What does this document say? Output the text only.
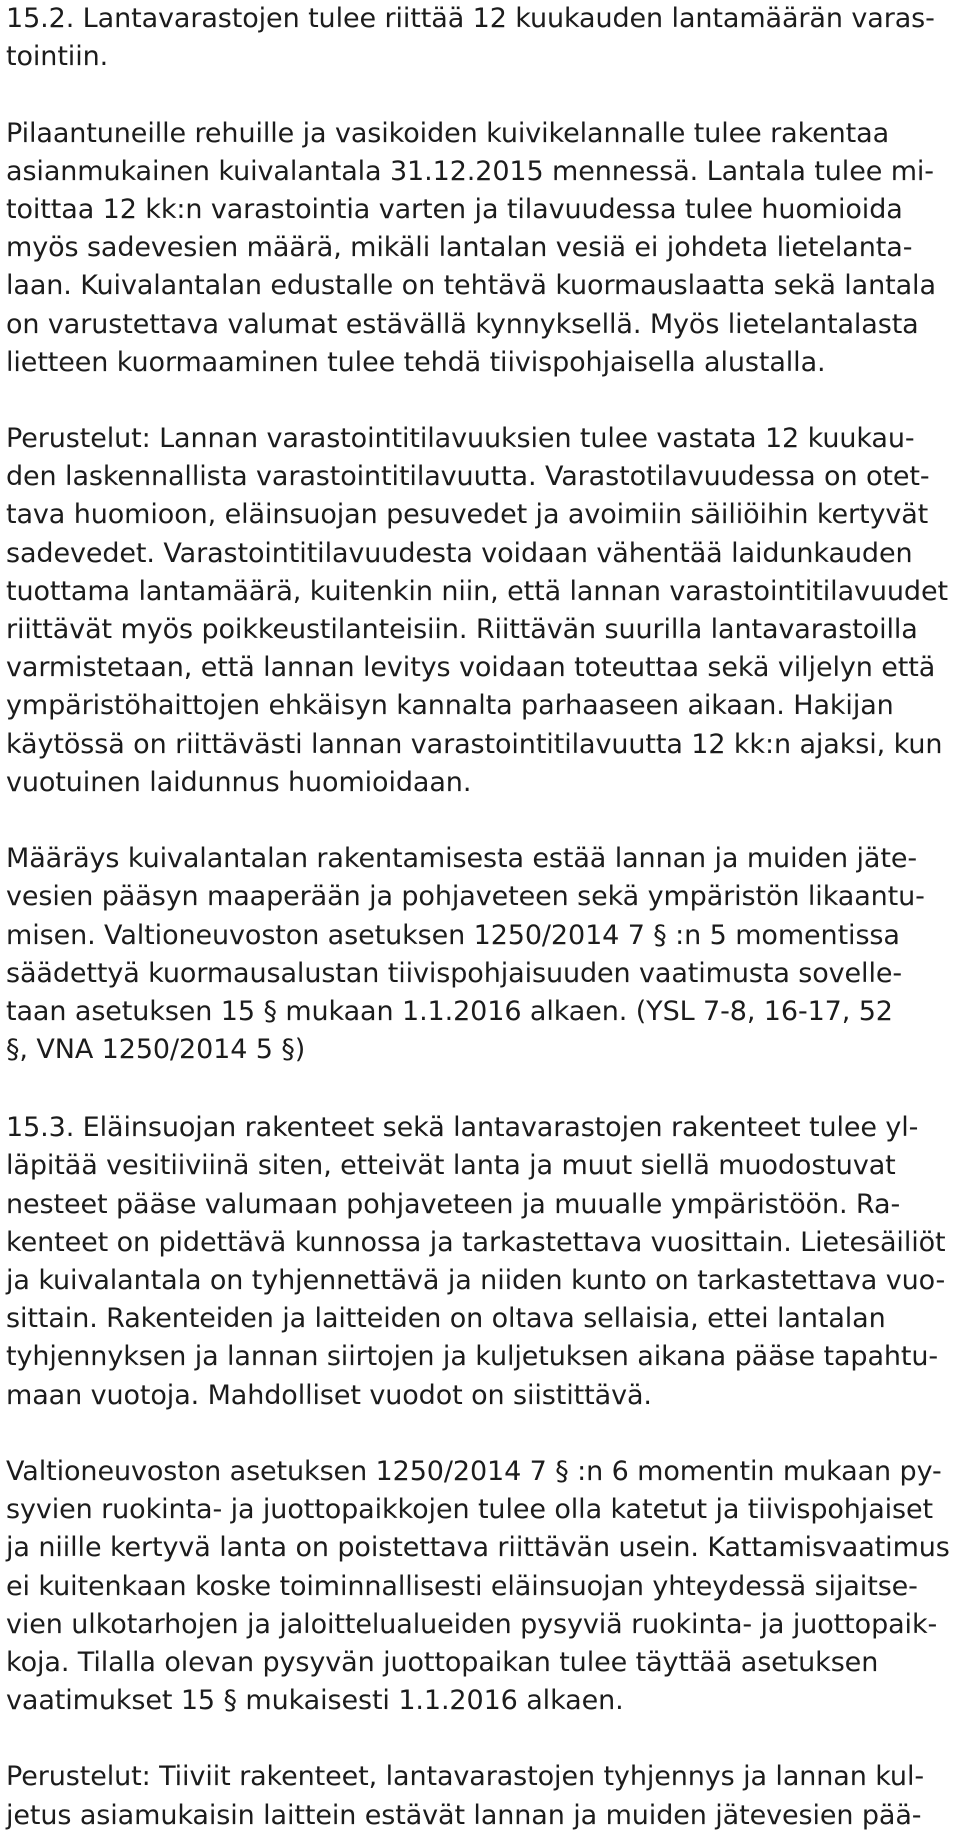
15.2. Lantavarastojen tulee riittää 12 kuukauden lantamäärän varas-
tointiin.
Pilaantuneille rehuille ja vasikoiden kuivikelannalle tulee rakentaa
asianmukainen kuivalantala 31.12.2015 mennessä. Lantala tulee mi-
toittaa 12 kk:n varastointia varten ja tilavuudessa tulee huomioida
myös sadevesien määrä, mikäli lantalan vesiä ei johdeta lietelanta-
laan. Kuivalantalan edustalle on tehtävä kuormauslaatta sekä lantala
on varustettava valumat estävällä kynnyksellä. Myös lietelantalasta
lietteen kuormaaminen tulee tehdä tiivispohjaisella alustalla.
Perustelut: Lannan varastointitilavuuksien tulee vastata 12 kuukau-
den laskennallista varastointitilavuutta. Varastotilavuudessa on otet-
tava huomioon, eläinsuojan pesuvedet ja avoimiin säiliöihin kertyvät
sadevedet. Varastointitilavuudesta voidaan vähentää laidunkauden
tuottama lantamäärä, kuitenkin niin, että lannan varastointitilavuudet
riittävät myös poikkeustilanteisiin. Riittävän suurilla lantavarastoilla
varmistetaan, että lannan levitys voidaan toteuttaa sekä viljelyn että
ympäristöhaittojen ehkäisyn kannalta parhaaseen aikaan. Hakijan
käytössä on riittävästi lannan varastointitilavuutta 12 kk:n ajaksi, kun
vuotuinen laidunnus huomioidaan.
Määräys kuivalantalan rakentamisesta estää lannan ja muiden jäte-
vesien pääsyn maaperään ja pohjaveteen sekä ympäristön likaantu-
misen. Valtioneuvoston asetuksen 1250/2014 7 § :n 5 momentissa
säädettyä kuormausalustan tiivispohjaisuuden vaatimusta sovelle-
taan asetuksen 15 § mukaan 1.1.2016 alkaen. (YSL 7-8, 16-17, 52
§, VNA 1250/2014 5 §)
15.3. Eläinsuojan rakenteet sekä lantavarastojen rakenteet tulee yl-
läpitää vesitiiviinä siten, etteivät lanta ja muut siellä muodostuvat
nesteet pääse valumaan pohjaveteen ja muualle ympäristöön. Ra-
kenteet on pidettävä kunnossa ja tarkastettava vuosittain. Lietesäiliöt
ja kuivalantala on tyhjennettävä ja niiden kunto on tarkastettava vuo-
sittain. Rakenteiden ja laitteiden on oltava sellaisia, ettei lantalan
tyhjennyksen ja lannan siirtojen ja kuljetuksen aikana pääse tapahtu-
maan vuotoja. Mahdolliset vuodot on siistittävä.
Valtioneuvoston asetuksen 1250/2014 7 § :n 6 momentin mukaan py-
syvien ruokinta- ja juottopaikkojen tulee olla katetut ja tiivispohjaiset
ja niille kertyvä lanta on poistettava riittävän usein. Kattamisvaatimus
ei kuitenkaan koske toiminnallisesti eläinsuojan yhteydessä sijaitse-
vien ulkotarhojen ja jaloittelualueiden pysyviä ruokinta- ja juottopaik-
koja. Tilalla olevan pysyvän juottopaikan tulee täyttää asetuksen
vaatimukset 15 § mukaisesti 1.1.2016 alkaen.
Perustelut: Tiiviit rakenteet, lantavarastojen tyhjennys ja lannan kul-
jetus asiamukaisin laittein estävät lannan ja muiden jätevesien pää-
